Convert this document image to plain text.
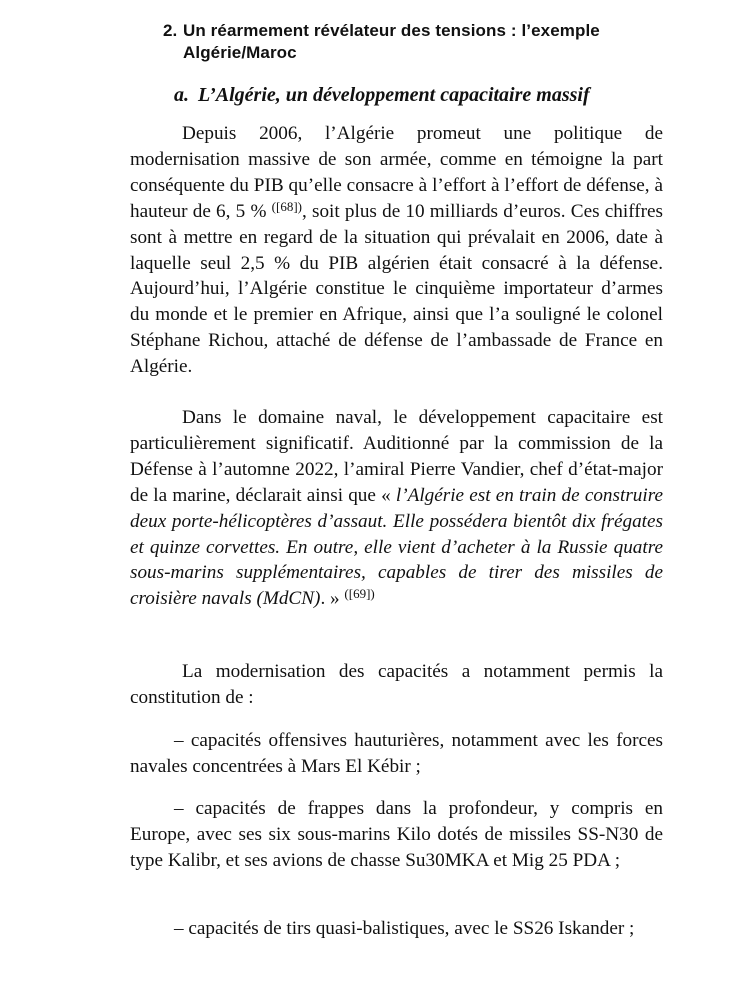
2. Un réarmement révélateur des tensions : l’exemple
Algérie/Maroc
a. L’Algérie, un développement capacitaire massif
Depuis 2006, l’Algérie promeut une politique de modernisation massive de son armée, comme en témoigne la part conséquente du PIB qu’elle consacre à l’effort à l’effort de défense, à hauteur de 6, 5 % $^{([68])}$, soit plus de 10 milliards d’euros. Ces chiffres sont à mettre en regard de la situation qui prévalait en 2006, date à laquelle seul 2,5 % du PIB algérien était consacré à la défense. Aujourd’hui, l’Algérie constitue le cinquième importateur d’armes du monde et le premier en Afrique, ainsi que l’a souligné le colonel Stéphane Richou, attaché de défense de l’ambassade de France en Algérie.
Dans le domaine naval, le développement capacitaire est particulièrement significatif. Auditionné par la commission de la Défense à l’automne 2022, l’amiral Pierre Vandier, chef d’état-major de la marine, déclarait ainsi que « l’Algérie est en train de construire deux porte-hélicoptères d’assaut. Elle possédera bientôt dix frégates et quinze corvettes. En outre, elle vient d’acheter à la Russie quatre sous-marins supplémentaires, capables de tirer des missiles de croisière navals (MdCN). » $^{([69])}$
La modernisation des capacités a notamment permis la constitution de :
– capacités offensives hauturières, notamment avec les forces navales concentrées à Mars El Kébir ;
– capacités de frappes dans la profondeur, y compris en Europe, avec ses six sous-marins Kilo dotés de missiles SS-N30 de type Kalibr, et ses avions de chasse Su30MKA et Mig 25 PDA ;
– capacités de tirs quasi-balistiques, avec le SS26 Iskander ;
